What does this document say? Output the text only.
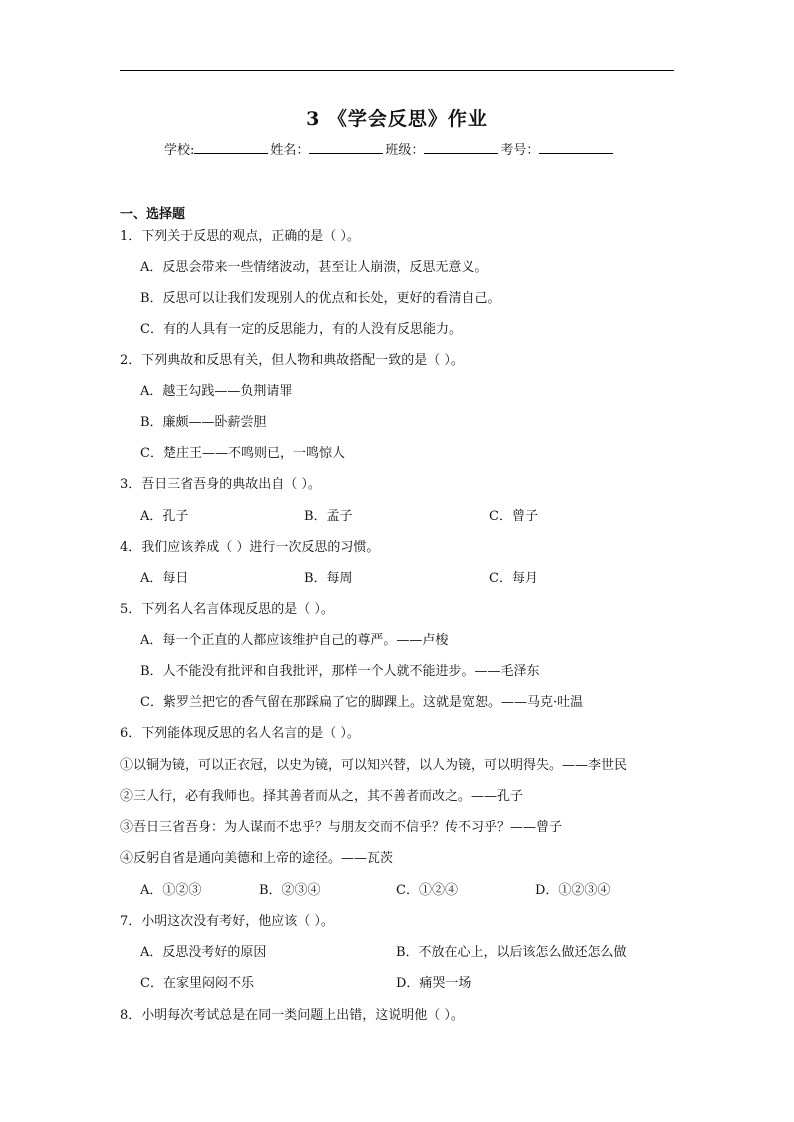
3 《学会反思》作业
学校:	姓名：	班级：	考号：
一、选择题
1．下列关于反思的观点，正确的是（ ）。
A．反思会带来一些情绪波动，甚至让人崩溃，反思无意义。
B．反思可以让我们发现别人的优点和长处，更好的看清自己。
C．有的人具有一定的反思能力，有的人没有反思能力。
2．下列典故和反思有关，但人物和典故搭配一致的是（ ）。
A．越王勾践——负荆请罪
B．廉颇——卧薪尝胆
C．楚庄王——不鸣则已，一鸣惊人
3．吾日三省吾身的典故出自（ ）。
A．孔子	B．孟子	C．曾子
4．我们应该养成（ ）进行一次反思的习惯。
A．每日	B．每周	C．每月
5．下列名人名言体现反思的是（ ）。
A．每一个正直的人都应该维护自己的尊严。——卢梭
B．人不能没有批评和自我批评，那样一个人就不能进步。——毛泽东
C．紫罗兰把它的香气留在那踩扁了它的脚踝上。这就是宽恕。——马克·吐温
6．下列能体现反思的名人名言的是（ ）。
①以铜为镜，可以正衣冠，以史为镜，可以知兴替，以人为镜，可以明得失。——李世民
②三人行，必有我师也。择其善者而从之，其不善者而改之。——孔子
③吾日三省吾身：为人谋而不忠乎？与朋友交而不信乎？传不习乎？——曾子
④反躬自省是通向美德和上帝的途径。——瓦茨
A．①②③	B．②③④	C．①②④	D．①②③④
7．小明这次没有考好，他应该（ ）。
A．反思没考好的原因	B．不放在心上，以后该怎么做还怎么做
C．在家里闷闷不乐	D．痛哭一场
8．小明每次考试总是在同一类问题上出错，这说明他（ ）。
